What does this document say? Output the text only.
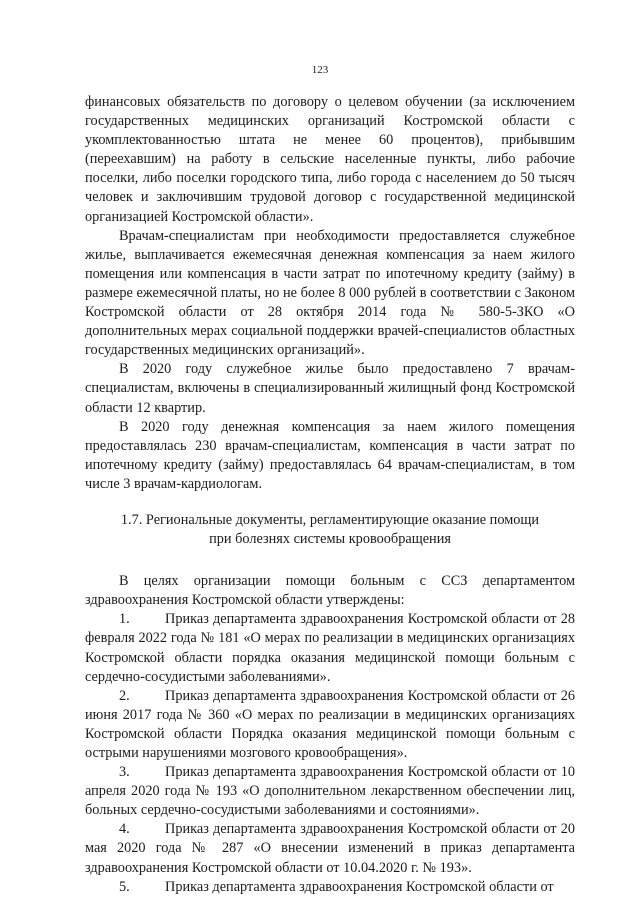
123

финансовых обязательств по договору о целевом обучении (за исключением государственных медицинских организаций Костромской области с укомплектованностью штата не менее 60 процентов), прибывшим (переехавшим) на работу в сельские населенные пункты, либо рабочие поселки, либо поселки городского типа, либо города с населением до 50 тысяч человек и заключившим трудовой договор с государственной медицинской организацией Костромской области».

Врачам-специалистам при необходимости предоставляется служебное жилье, выплачивается ежемесячная денежная компенсация за наем жилого помещения или компенсация в части затрат по ипотечному кредиту (займу) в размере ежемесячной платы, но не более 8 000 рублей в соответствии с Законом Костромской области от 28 октября 2014 года № 580-5-ЗКО «О дополнительных мерах социальной поддержки врачей-специалистов областных государственных медицинских организаций».

В 2020 году служебное жилье было предоставлено 7 врачам-специалистам, включены в специализированный жилищный фонд Костромской области 12 квартир.

В 2020 году денежная компенсация за наем жилого помещения предоставлялась 230 врачам-специалистам, компенсация в части затрат по ипотечному кредиту (займу) предоставлялась 64 врачам-специалистам, в том числе 3 врачам-кардиологам.

1.7. Региональные документы, регламентирующие оказание помощи
при болезнях системы кровообращения

В целях организации помощи больным с ССЗ департаментом здравоохранения Костромской области утверждены:

1. Приказ департамента здравоохранения Костромской области от 28 февраля 2022 года № 181 «О мерах по реализации в медицинских организациях Костромской области порядка оказания медицинской помощи больным с сердечно-сосудистыми заболеваниями».

2. Приказ департамента здравоохранения Костромской области от 26 июня 2017 года № 360 «О мерах по реализации в медицинских организациях Костромской области Порядка оказания медицинской помощи больным с острыми нарушениями мозгового кровообращения».

3. Приказ департамента здравоохранения Костромской области от 10 апреля 2020 года № 193 «О дополнительном лекарственном обеспечении лиц, больных сердечно-сосудистыми заболеваниями и состояниями».

4. Приказ департамента здравоохранения Костромской области от 20 мая 2020 года № 287 «О внесении изменений в приказ департамента здравоохранения Костромской области от 10.04.2020 г. № 193».

5. Приказ департамента здравоохранения Костромской области от
